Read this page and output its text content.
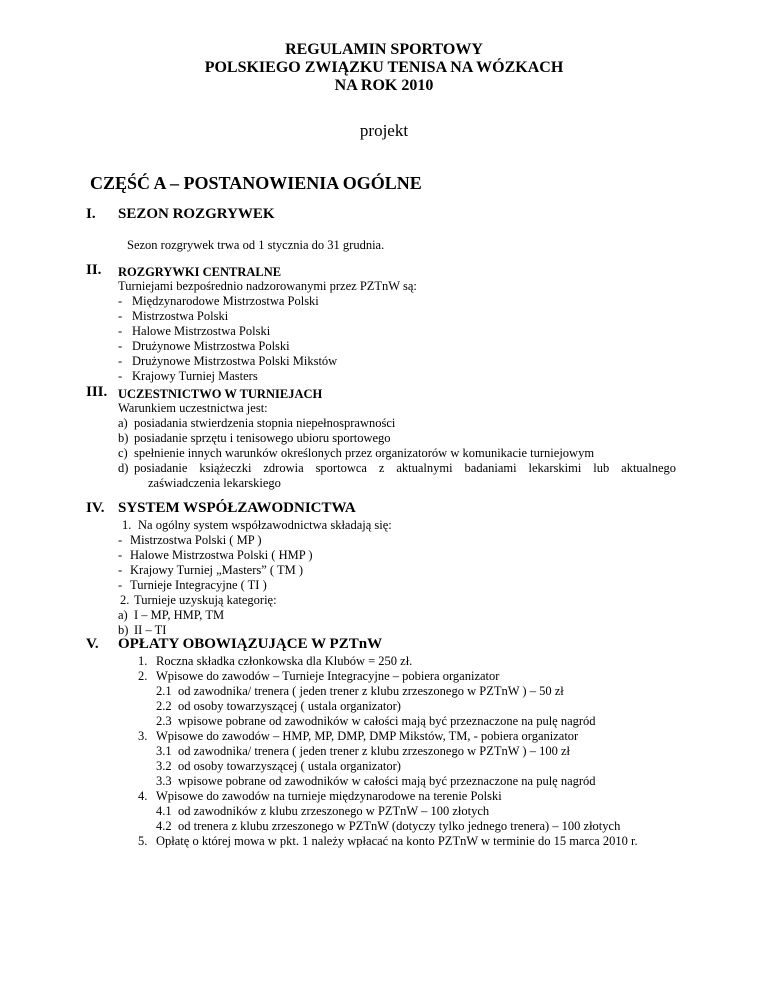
REGULAMIN SPORTOWY
POLSKIEGO ZWIĄZKU TENISA NA WÓZKACH
NA ROK 2010
projekt
CZĘŚĆ A – POSTANOWIENIA OGÓLNE
I. SEZON ROZGRYWEK
Sezon rozgrywek trwa od 1 stycznia do 31 grudnia.
II. ROZGRYWKI CENTRALNE
Turniejami bezpośrednio nadzorowanymi przez PZTnW są:
- Międzynarodowe Mistrzostwa Polski
- Mistrzostwa Polski
- Halowe Mistrzostwa Polski
- Drużynowe Mistrzostwa Polski
- Drużynowe Mistrzostwa Polski Mikstów
- Krajowy Turniej Masters
III. UCZESTNICTWO W TURNIEJACH
Warunkiem uczestnictwa jest:
a) posiadania stwierdzenia stopnia niepełnosprawności
b) posiadanie sprzętu i tenisowego ubioru sportowego
c) spełnienie innych warunków określonych przez organizatorów w komunikacie turniejowym
d) posiadanie książeczki zdrowia sportowca z aktualnymi badaniami lekarskimi lub aktualnego
zaświadczenia lekarskiego
IV. SYSTEM WSPÓŁZAWODNICTWA
1. Na ogólny system współzawodnictwa składają się:
- Mistrzostwa Polski ( MP )
- Halowe Mistrzostwa Polski ( HMP )
- Krajowy Turniej „Masters” ( TM )
- Turnieje Integracyjne ( TI )
2. Turnieje uzyskują kategorię:
a) I – MP, HMP, TM
b) II – TI
V. OPŁATY OBOWIĄZUJĄCE W PZTnW
1. Roczna składka członkowska dla Klubów = 250 zł.
2. Wpisowe do zawodów – Turnieje Integracyjne – pobiera organizator
2.1 od zawodnika/ trenera ( jeden trener z klubu zrzeszonego w PZTnW ) – 50 zł
2.2 od osoby towarzyszącej ( ustala organizator)
2.3 wpisowe pobrane od zawodników w całości mają być przeznaczone na pulę nagród
3. Wpisowe do zawodów – HMP, MP, DMP, DMP Mikstów, TM, - pobiera organizator
3.1 od zawodnika/ trenera ( jeden trener z klubu zrzeszonego w PZTnW ) – 100 zł
3.2 od osoby towarzyszącej ( ustala organizator)
3.3 wpisowe pobrane od zawodników w całości mają być przeznaczone na pulę nagród
4. Wpisowe do zawodów na turnieje międzynarodowe na terenie Polski
4.1 od zawodników z klubu zrzeszonego w PZTnW – 100 złotych
4.2 od trenera z klubu zrzeszonego w PZTnW (dotyczy tylko jednego trenera) – 100 złotych
5. Opłatę o której mowa w pkt. 1 należy wpłacać na konto PZTnW w terminie do 15 marca 2010 r.
